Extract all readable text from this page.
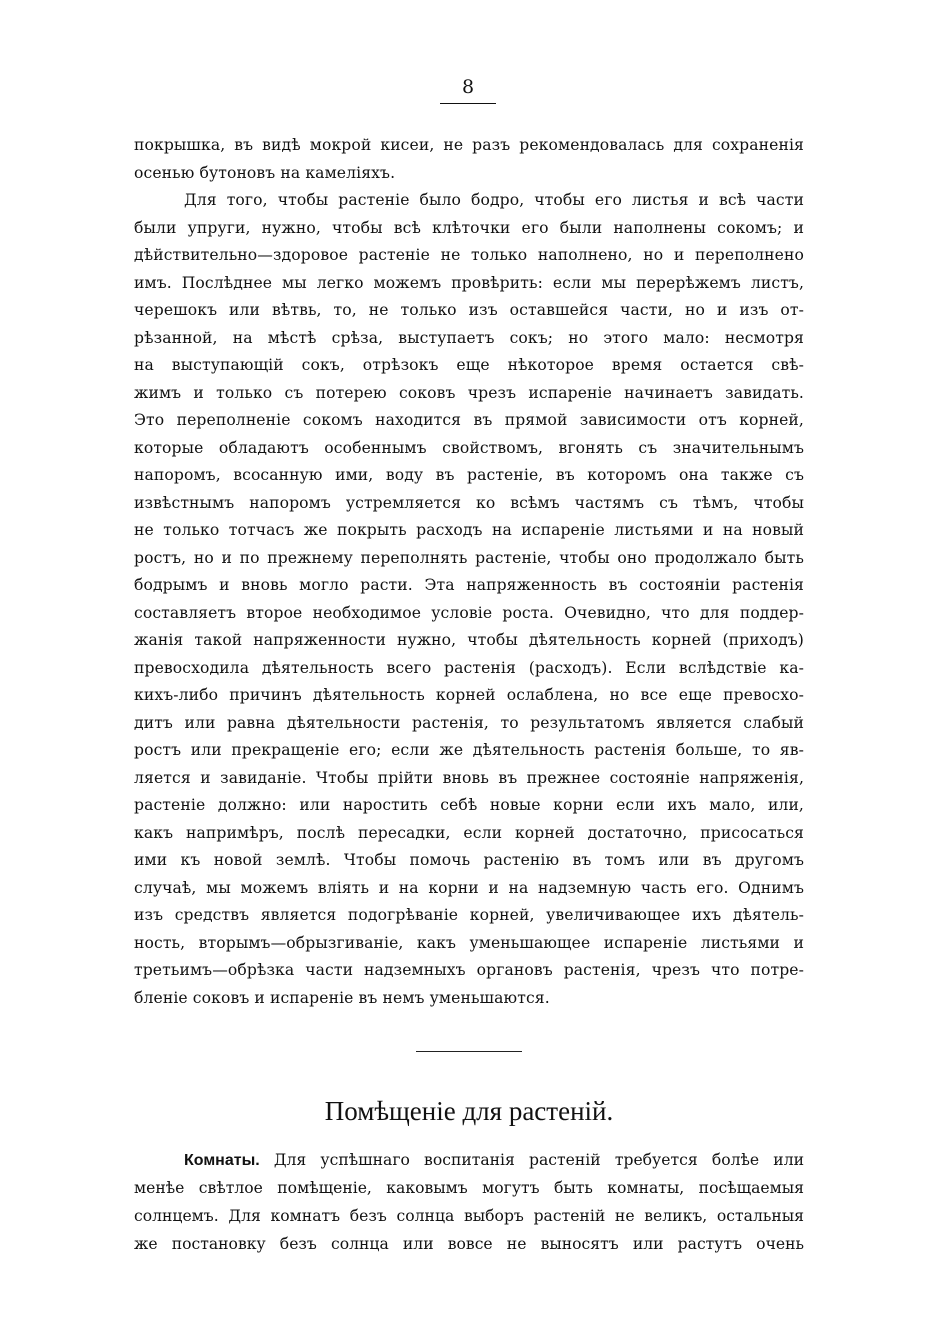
8
покрышка, въ видѣ мокрой кисеи, не разъ рекомендовалась для сохраненія
осенью бутоновъ на камеліяхъ.
Для того, чтобы растеніе было бодро, чтобы его листья и всѣ части
были упруги, нужно, чтобы всѣ клѣточки его были наполнены сокомъ; и
дѣйствительно—здоровое растеніе не только наполнено, но и переполнено
имъ. Послѣднее мы легко можемъ провѣрить: если мы перерѣжемъ листъ,
черешокъ или вѣтвь, то, не только изъ оставшейся части, но и изъ от-
рѣзанной, на мѣстѣ срѣза, выступаетъ сокъ; но этого мало: несмотря
на выступающій сокъ, отрѣзокъ еще нѣкоторое время остается свѣ-
жимъ и только съ потерею соковъ чрезъ испареніе начинаетъ завидать.
Это переполненіе сокомъ находится въ прямой зависимости отъ корней,
которые обладаютъ особеннымъ свойствомъ, вгонять съ значительнымъ
напоромъ, всосанную ими, воду въ растеніе, въ которомъ она также съ
извѣстнымъ напоромъ устремляется ко всѣмъ частямъ съ тѣмъ, чтобы
не только тотчасъ же покрыть расходъ на испареніе листьями и на новый
ростъ, но и по прежнему переполнять растеніе, чтобы оно продолжало быть
бодрымъ и вновь могло расти. Эта напряженность въ состояніи растенія
составляетъ второе необходимое условіе роста. Очевидно, что для поддер-
жанія такой напряженности нужно, чтобы дѣятельность корней (приходъ)
превосходила дѣятельность всего растенія (расходъ). Если вслѣдствіе ка-
кихъ-либо причинъ дѣятельность корней ослаблена, но все еще превосхо-
дитъ или равна дѣятельности растенія, то результатомъ является слабый
ростъ или прекращеніе его; если же дѣятельность растенія больше, то яв-
ляется и завиданіе. Чтобы прійти вновь въ прежнее состояніе напряженія,
растеніе должно: или наростить себѣ новые корни если ихъ мало, или,
какъ напримѣръ, послѣ пересадки, если корней достаточно, присосаться
ими къ новой землѣ. Чтобы помочь растенію въ томъ или въ другомъ
случаѣ, мы можемъ вліять и на корни и на надземную часть его. Однимъ
изъ средствъ является подогрѣваніе корней, увеличивающее ихъ дѣятель-
ность, вторымъ—обрызгиваніе, какъ уменьшающее испареніе листьями и
третьимъ—обрѣзка части надземныхъ органовъ растенія, чрезъ что потре-
бленіе соковъ и испареніе въ немъ уменьшаются.
Помѣщеніе для растеній.
Комнаты. Для успѣшнаго воспитанія растеній требуется болѣе или
менѣе свѣтлое помѣщеніе, каковымъ могутъ быть комнаты, посѣщаемыя
солнцемъ. Для комнатъ безъ солнца выборъ растеній не великъ, остальныя
же постановку безъ солнца или вовсе не выносятъ или растутъ очень
